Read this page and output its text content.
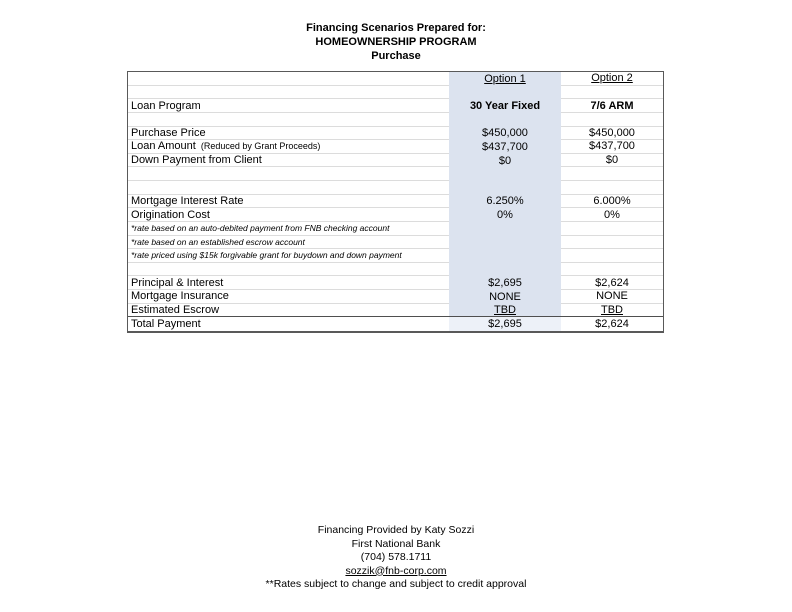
Financing Scenarios Prepared for:
HOMEOWNERSHIP PROGRAM
Purchase
Option 1	Option 2
Loan Program	30 Year Fixed	7/6 ARM
Purchase Price	$450,000	$450,000
Loan Amount (Reduced by Grant Proceeds)	$437,700	$437,700
Down Payment from Client	$0	$0
Mortgage Interest Rate	6.250%	6.000%
Origination Cost	0%	0%
*rate based on an auto-debited payment from FNB checking account
*rate based on an established escrow account
*rate priced using $15k forgivable grant for buydown and down payment
Principal & Interest	$2,695	$2,624
Mortgage Insurance	NONE	NONE
Estimated Escrow	TBD	TBD
Total Payment	$2,695	$2,624
Financing Provided by Katy Sozzi
First National Bank
(704) 578.1711
sozzik@fnb-corp.com
**Rates subject to change and subject to credit approval
